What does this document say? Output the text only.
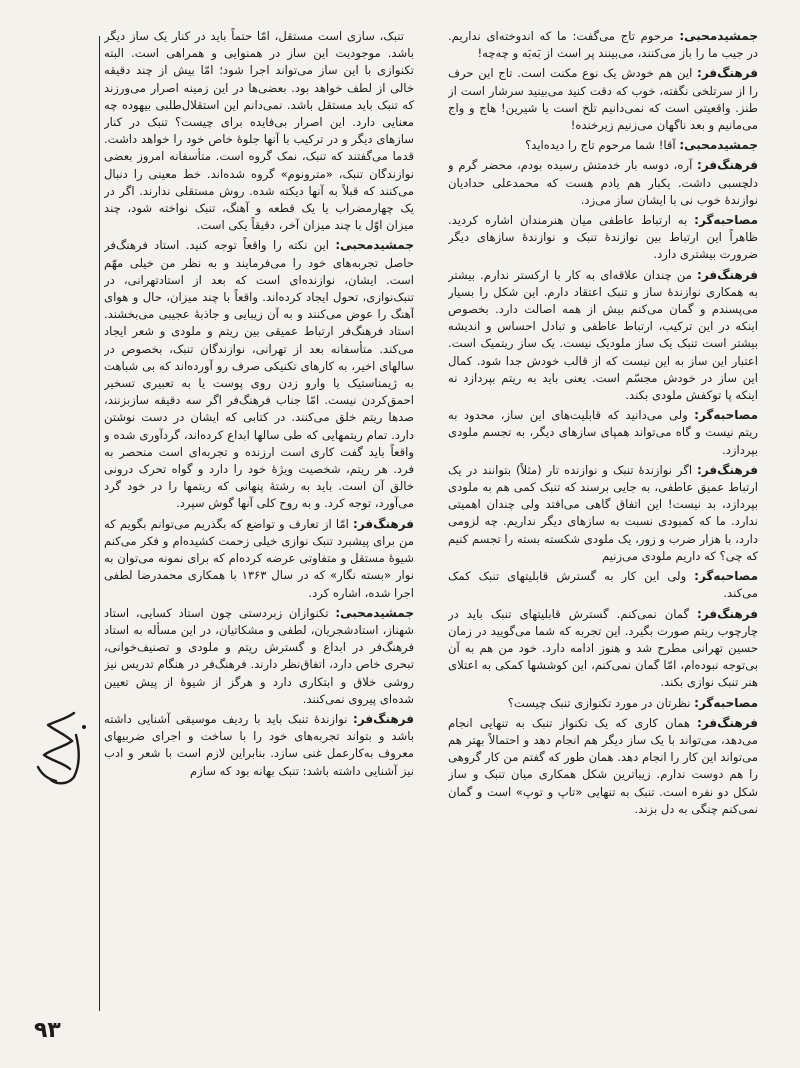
جمشید‌محبی: مرحوم تاج می‌گفت: ما که اندوخته‌ای نداریم. در جیب ما را باز می‌کنند، می‌بینند پر است از بَه‌بَه و چه‌چه!

فرهنگ‌فر: این هم خودش یک نوع مکنت است. تاج این حرف را از سرتلخی نگفته، خوب که دقت کنید می‌بینید سرشار است از طنز. واقعیتی است که نمی‌دانیم تلخ است یا شیرین! هاج و واج می‌مانیم و بعد ناگهان می‌زنیم زیرخنده!

جمشید‌محبی: آقا! شما مرحوم تاج را دیده‌اید؟

فرهنگ‌فر: آره، دوسه بار خدمتش رسیده بودم، محضر گرم و دلچسبی داشت. یکبار هم یادم هست که محمدعلی حدادیان نوازندهٔ خوب نی با ایشان ساز می‌زد.

مصاحبه‌گر: به ارتباط عاطفی میان هنرمندان اشاره کردید. ظاهراً این ارتباط بین نوازندهٔ تنبک و نوازندهٔ سازهای دیگر ضرورت بیشتری دارد.

فرهنگ‌فر: من چندان علاقه‌ای به کار با ارکستر ندارم. بیشتر به همکاری نوازندهٔ ساز و تنبک اعتقاد دارم. این شکل را بسیار می‌پسندم و گمان می‌کنم بیش از همه اصالت دارد. بخصوص اینکه در این ترکیب، ارتباط عاطفی و تبادل احساس و اندیشه بیشتر است تنبک یک ساز ملودیک نیست. یک ساز ریتمیک است. اعتبار این ساز به این نیست که از قالب خودش جدا شود. کمال این ساز در خودش مجسّم است. یعنی باید به ریتم بپردازد نه اینکه پا توکفش ملودی بکند.

مصاحبه‌گر: ولی می‌دانید که قابلیت‌های این ساز، محدود به ریتم نیست و گاه می‌تواند همپای سازهای دیگر، به تجسم ملودی بپردازد.

فرهنگ‌فر: اگر نوازندهٔ تنبک و نوازنده تار (مثلاً) بتوانند در یک ارتباط عمیق عاطفی، به جایی برسند که تنبک کمی هم به ملودی بپردازد، بد نیست! این اتفاق گاهی می‌افتد ولی چندان اهمیتی ندارد. ما که کمبودی نسبت به سازهای دیگر نداریم. چه لزومی دارد، با هزار ضرب و زور، یک ملودی شکسته بسته را تجسم کنیم که چی؟ که داریم ملودی می‌زنیم

مصاحبه‌گر: ولی این کار به گسترش قابلیتهای تنبک کمک می‌کند.

فرهنگ‌فر: گمان نمی‌کنم. گسترش قابلیتهای تنبک باید در چارچوب ریتم صورت بگیرد. این تجربه که شما می‌گویید در زمان حسین تهرانی مطرح شد و هنوز ادامه دارد. خود من هم به آن بی‌توجه نبوده‌ام، امّا گمان نمی‌کنم، این کوششها کمکی به اعتلای هنر تنبک نوازی بکند.

مصاحبه‌گر: نظرتان در مورد تکنوازی تنبک چیست؟

فرهنگ‌فر: همان کاری که یک تکنواز تنبک به تنهایی انجام می‌دهد، می‌تواند با یک ساز دیگر هم انجام دهد و احتمالاً بهتر هم می‌تواند این کار را انجام دهد. همان طور که گفتم من کار گروهی را هم دوست ندارم. زیباترین شکل همکاری میان تنبک و ساز شکل دو نفره است. تنبک به تنهایی «تاپ و توپ» است و گمان نمی‌کنم چنگی به دل بزند.

تنبک، سازی است مستقل، امّا حتماً باید در کنار یک ساز دیگر باشد. موجودیت این ساز در همنوایی و همراهی است. البته تکنوازی با این ساز می‌تواند اجرا شود؛ امّا بیش از چند دقیقه خالی از لطف خواهد بود. بعضی‌ها در این زمینه اصرار می‌ورزند که تنبک باید مستقل باشد. نمی‌دانم این استقلال‌طلبی بیهوده چه معنایی دارد. این اصرار بی‌فایده برای چیست؟ تنبک در کنار سازهای دیگر و در ترکیب با آنها جلوهٔ خاص خود را خواهد داشت. قدما می‌گفتند که تنبک، نمک گروه است. متأسفانه امروز بعضی نوازندگان تنبک، «مترونوم» گروه شده‌اند. خط معینی را دنبال می‌کنند که قبلاً به آنها دیکته شده. روش مستقلی ندارند. اگر در یک چهارمضراب یا یک قطعه و آهنگ، تنبک نواخته شود، چند میزان اوّل با چند میزان آخر، دقیقاً یکی است.

جمشید‌محبی: این نکته را واقعاً توجه کنید. استاد فرهنگ‌فر حاصل تجربه‌های خود را می‌فرمایند و به نظر من خیلی مهّم است. ایشان، نوازنده‌ای است که بعد از استادتهرانی، در تنبک‌نوازی، تحول ایجاد کرده‌اند. واقعاً با چند میزان، حال و هوای آهنگ را عوض می‌کنند و به آن زیبایی و جاذبهٔ عجیبی می‌بخشند. استاد فرهنگ‌فر ارتباط عمیقی بین ریتم و ملودی و شعر ایجاد می‌کند. متأسفانه بعد از تهرانی، نوازندگان تنبک، بخصوص در سالهای اخیر، به کارهای تکنیکی صرف رو آورده‌اند که بی شباهت به ژیمناستیک یا وارو زدن روی پوست یا به تعبیری تسخیر احمق‌کردن نیست. امّا جناب فرهنگ‌فر اگر سه دقیقه سازبزنند، صدها ریتم خلق می‌کنند. در کتابی که ایشان در دست نوشتن دارد. تمام ریتمهایی که طی سالها ابداع کرده‌اند، گردآوری شده و واقعاً باید گفت کاری است ارزنده و تجربه‌ای است منحصر به فرد. هر ریتم، شخصیت ویژهٔ خود را دارد و گواه تحرک درونی خالق آن است. باید به رشتهٔ پنهانی که ریتمها را در خود گرد می‌آورد، توجه کرد. و به روح کلی آنها گوش سپرد.

فرهنگ‌فر: امّا از تعارف و تواضع که بگذریم می‌توانم بگویم که من برای پیشبرد تنبک نوازی خیلی زحمت کشیده‌ام و فکر می‌کنم شیوهٔ مستقل و متفاوتی عرضه کرده‌ام که برای نمونه می‌توان به نوار «بسته نگار» که در سال ۱۳۶۳ با همکاری محمدرضا لطفی اجرا شده، اشاره کرد.

جمشید‌محبی: تکنوازان زبردستی چون استاد کسایی، استاد شهناز، استادشجریان، لطفی و مشکاتیان، در این مسأله به استاد فرهنگ‌فر در ابداع و گسترش ریتم و ملودی و تصنیف‌خوانی، تبحری خاص دارد، اتفاق‌نظر دارند. فرهنگ‌فر در هنگام تدریس نیز روشی خلاق و ابتکاری دارد و هرگز از شیوهٔ از پیش تعیین شده‌ای پیروی نمی‌کنند.

فرهنگ‌فر: نوازندهٔ تنبک باید با ردیف موسیقی آشنایی داشته باشد و بتواند تجربه‌های خود را با ساخت و اجرای ضربیهای معروف به‌کارعمل غنی سازد. بنابراین لازم است با شعر و ادب نیز آشنایی داشته باشد: تنبک بهانه بود که سازم

۹۳
